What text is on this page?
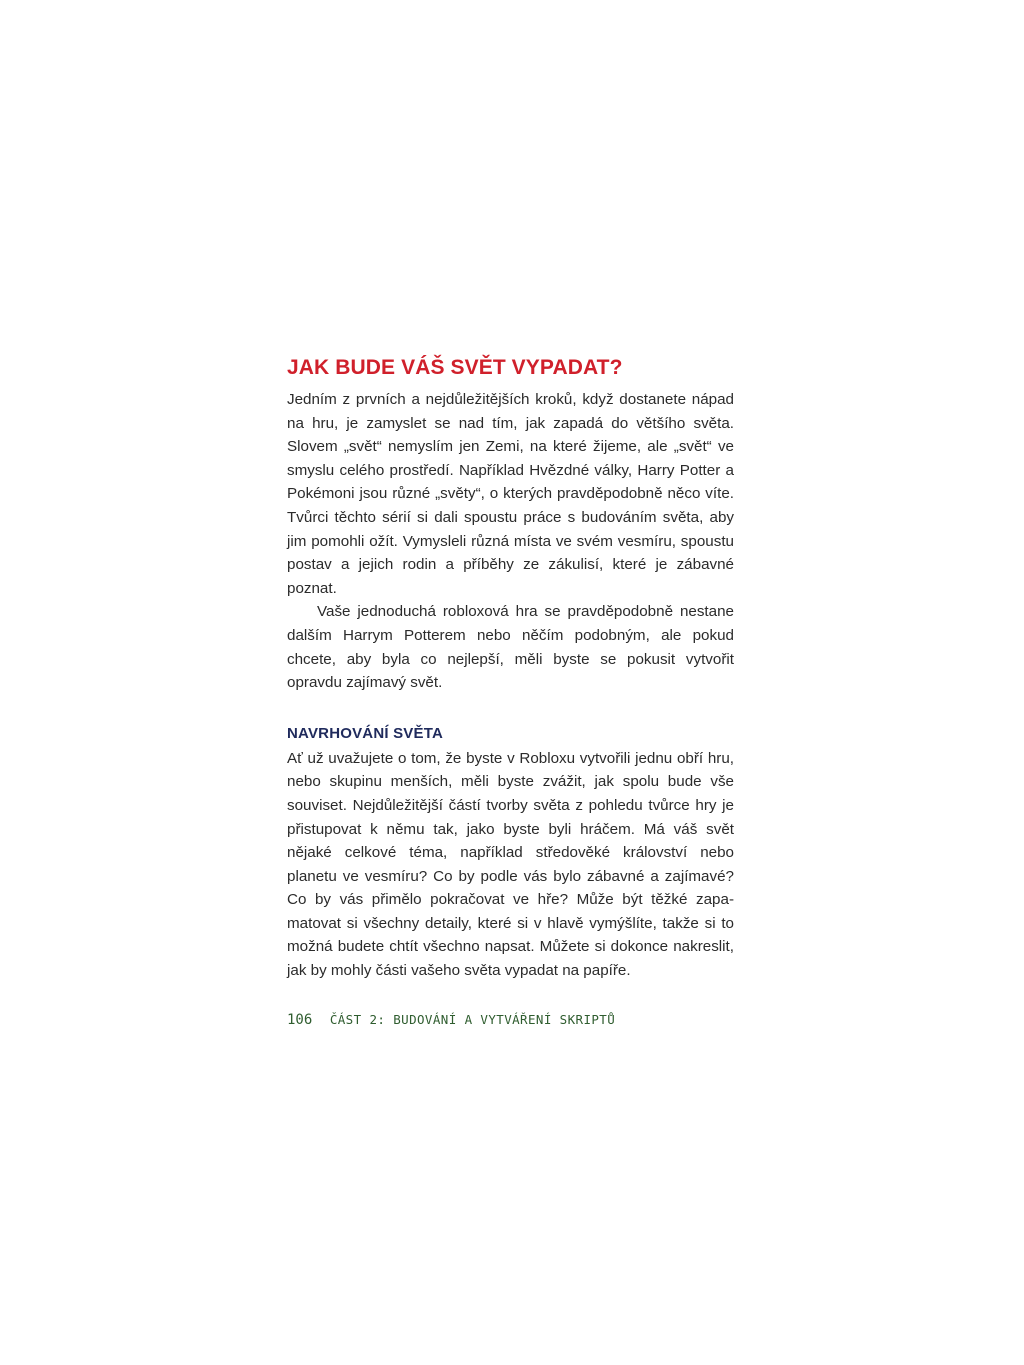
JAK BUDE VÁŠ SVĚT VYPADAT?

Jedním z prvních a nejdůležitějších kroků, když dostanete nápad na hru, je zamyslet se nad tím, jak zapadá do většího světa. Slovem „svět“ nemyslím jen Zemi, na které žijeme, ale „svět“ ve smyslu celého prostředí. Například Hvězdné války, Harry Potter a Pokémoni jsou různé „světy“, o kterých pravděpodobně něco víte. Tvůrci těchto sérií si dali spoustu práce s budováním světa, aby jim pomohli ožít. Vymysleli různá místa ve svém vesmíru, spoustu postav a jejich rodin a příběhy ze zákulisí, které je zábavné poznat.

Vaše jednoduchá robloxová hra se pravděpodobně nestane dalším Harrym Potterem nebo něčím podobným, ale pokud chcete, aby byla co nejlepší, měli byste se pokusit vytvořit opravdu zajímavý svět.

NAVRHOVÁNÍ SVĚTA

Ať už uvažujete o tom, že byste v Robloxu vytvořili jednu obří hru, nebo skupinu menších, měli byste zvážit, jak spolu bude vše souviset. Nejdůležitější částí tvorby světa z pohledu tvůrce hry je přistupovat k němu tak, jako byste byli hráčem. Má váš svět nějaké celkové téma, například středověké království nebo planetu ve vesmíru? Co by podle vás bylo zábavné a zajímavé? Co by vás přimělo pokračovat ve hře? Může být těžké zapamatovat si všechny detaily, které si v hlavě vymýšlíte, takže si to možná budete chtít všechno napsat. Můžete si dokonce nakreslit, jak by mohly části vašeho světa vypadat na papíře.

106 ČÁST 2: BUDOVÁNÍ A VYTVÁŘENÍ SKRIPTŮ
